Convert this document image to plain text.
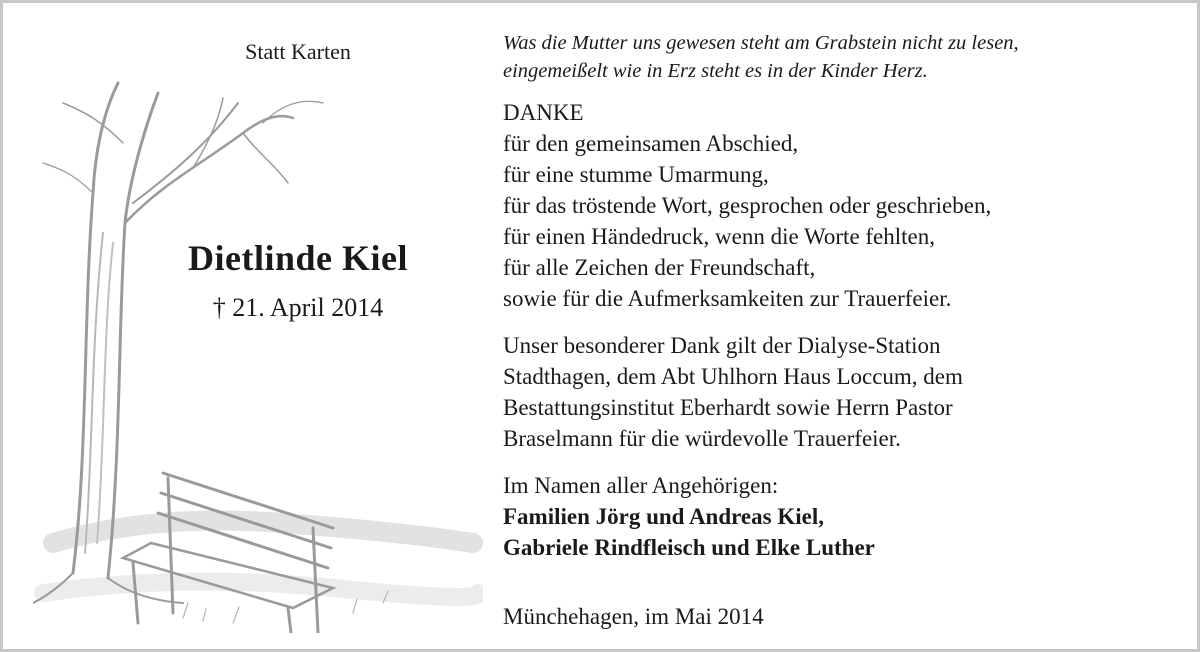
Statt Karten
Dietlinde Kiel
† 21. April 2014
Was die Mutter uns gewesen steht am Grabstein nicht zu lesen,
eingemeißelt wie in Erz steht es in der Kinder Herz.
DANKE
für den gemeinsamen Abschied,
für eine stumme Umarmung,
für das tröstende Wort, gesprochen oder geschrieben,
für einen Händedruck, wenn die Worte fehlten,
für alle Zeichen der Freundschaft,
sowie für die Aufmerksamkeiten zur Trauerfeier.
Unser besonderer Dank gilt der Dialyse-Station
Stadthagen, dem Abt Uhlhorn Haus Loccum, dem
Bestattungsinstitut Eberhardt sowie Herrn Pastor
Braselmann für die würdevolle Trauerfeier.
Im Namen aller Angehörigen:
Familien Jörg und Andreas Kiel,
Gabriele Rindfleisch und Elke Luther
Münchehagen, im Mai 2014
